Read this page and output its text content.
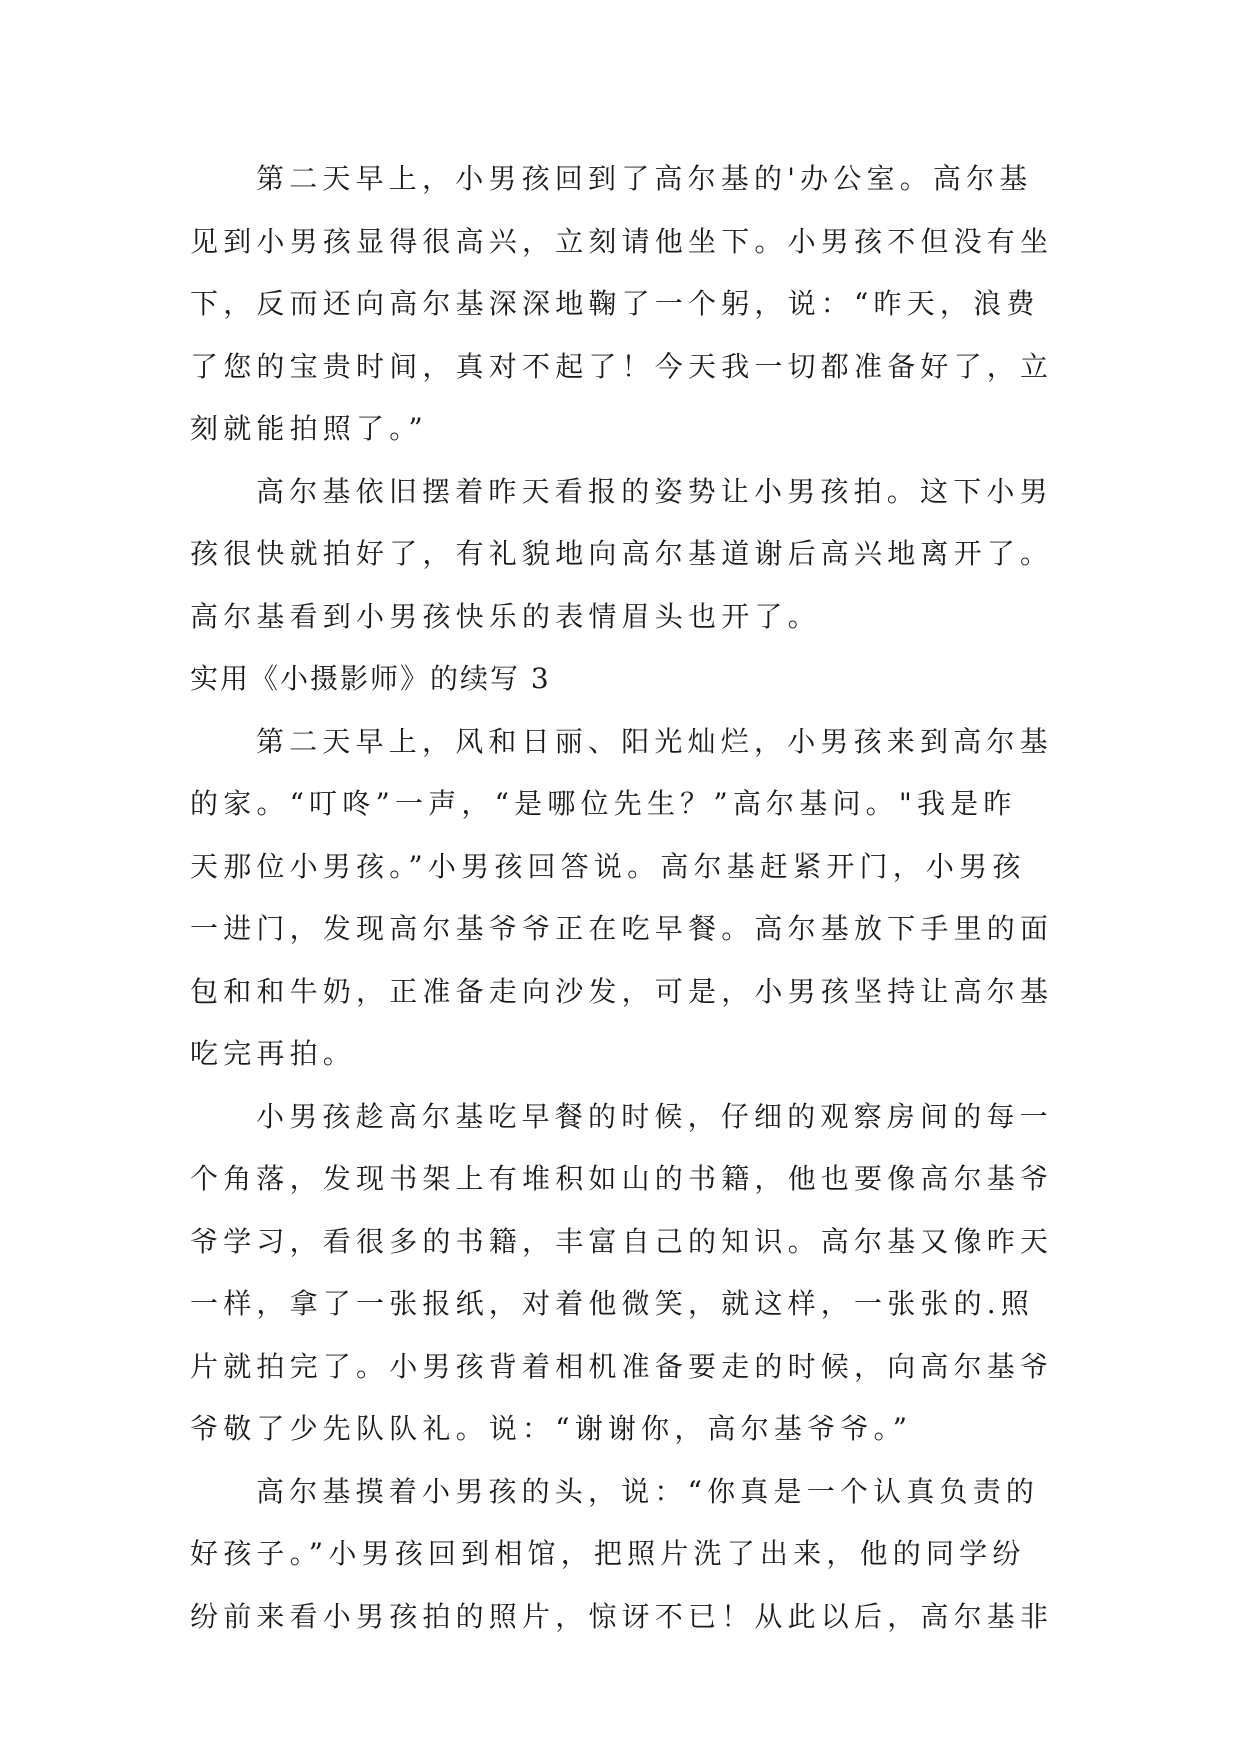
第二天早上，小男孩回到了高尔基的'办公室。高尔基
见到小男孩显得很高兴，立刻请他坐下。小男孩不但没有坐
下，反而还向高尔基深深地鞠了一个躬，说：“昨天，浪费
了您的宝贵时间，真对不起了！今天我一切都准备好了，立
刻就能拍照了。”
高尔基依旧摆着昨天看报的姿势让小男孩拍。这下小男
孩很快就拍好了，有礼貌地向高尔基道谢后高兴地离开了。
高尔基看到小男孩快乐的表情眉头也开了。
实用《小摄影师》的续写 3
第二天早上，风和日丽、阳光灿烂，小男孩来到高尔基
的家。“叮咚”一声，“是哪位先生？”高尔基问。"我是昨
天那位小男孩。”小男孩回答说。高尔基赶紧开门，小男孩
一进门，发现高尔基爷爷正在吃早餐。高尔基放下手里的面
包和和牛奶，正准备走向沙发，可是，小男孩坚持让高尔基
吃完再拍。
小男孩趁高尔基吃早餐的时候，仔细的观察房间的每一
个角落，发现书架上有堆积如山的书籍，他也要像高尔基爷
爷学习，看很多的书籍，丰富自己的知识。高尔基又像昨天
一样，拿了一张报纸，对着他微笑，就这样，一张张的.照
片就拍完了。小男孩背着相机准备要走的时候，向高尔基爷
爷敬了少先队队礼。说：“谢谢你，高尔基爷爷。”
高尔基摸着小男孩的头，说：“你真是一个认真负责的
好孩子。”小男孩回到相馆，把照片洗了出来，他的同学纷
纷前来看小男孩拍的照片，惊讶不已！从此以后，高尔基非
